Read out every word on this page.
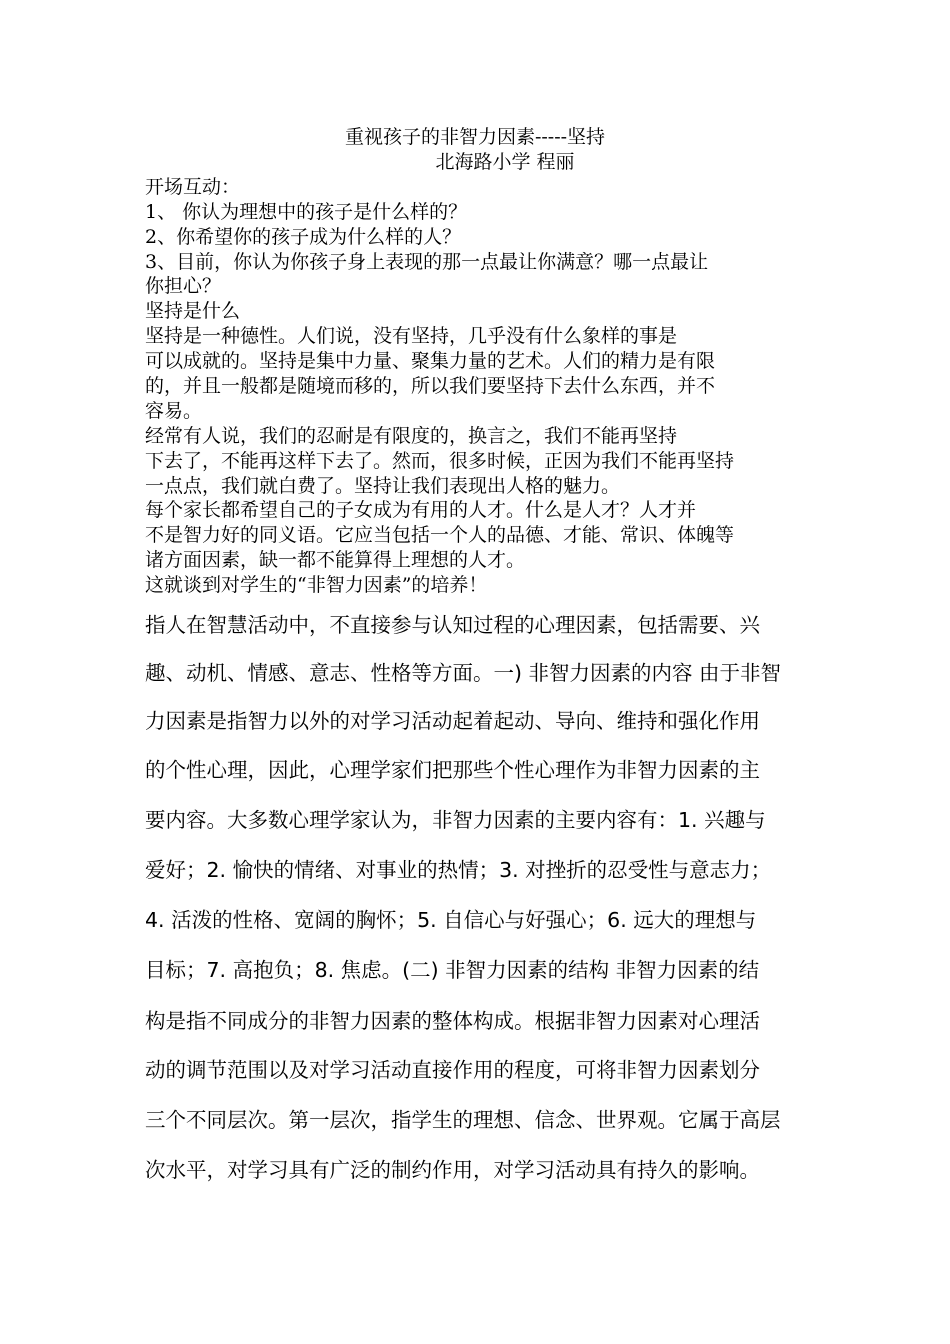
重视孩子的非智力因素-----坚持
北海路小学 程丽
开场互动：
1、 你认为理想中的孩子是什么样的？
2、你希望你的孩子成为什么样的人？
3、目前，你认为你孩子身上表现的那一点最让你满意？哪一点最让
你担心？
坚持是什么
坚持是一种德性。人们说，没有坚持，几乎没有什么象样的事是
可以成就的。坚持是集中力量、聚集力量的艺术。人们的精力是有限
的，并且一般都是随境而移的，所以我们要坚持下去什么东西，并不
容易。
经常有人说，我们的忍耐是有限度的，换言之，我们不能再坚持
下去了，不能再这样下去了。然而，很多时候，正因为我们不能再坚持
一点点，我们就白费了。坚持让我们表现出人格的魅力。
每个家长都希望自己的子女成为有用的人才。什么是人才？人才并
不是智力好的同义语。它应当包括一个人的品德、才能、常识、体魄等
诸方面因素，缺一都不能算得上理想的人才。
这就谈到对学生的“非智力因素”的培养！
指人在智慧活动中，不直接参与认知过程的心理因素，包括需要、兴
趣、动机、情感、意志、性格等方面。一) 非智力因素的内容 由于非智
力因素是指智力以外的对学习活动起着起动、导向、维持和强化作用
的个性心理，因此，心理学家们把那些个性心理作为非智力因素的主
要内容。大多数心理学家认为，非智力因素的主要内容有：1. 兴趣与
爱好；2. 愉快的情绪、对事业的热情；3. 对挫折的忍受性与意志力；
4. 活泼的性格、宽阔的胸怀；5. 自信心与好强心；6. 远大的理想与
目标；7. 高抱负；8. 焦虑。(二) 非智力因素的结构 非智力因素的结
构是指不同成分的非智力因素的整体构成。根据非智力因素对心理活
动的调节范围以及对学习活动直接作用的程度，可将非智力因素划分
三个不同层次。第一层次，指学生的理想、信念、世界观。它属于高层
次水平，对学习具有广泛的制约作用，对学习活动具有持久的影响。
